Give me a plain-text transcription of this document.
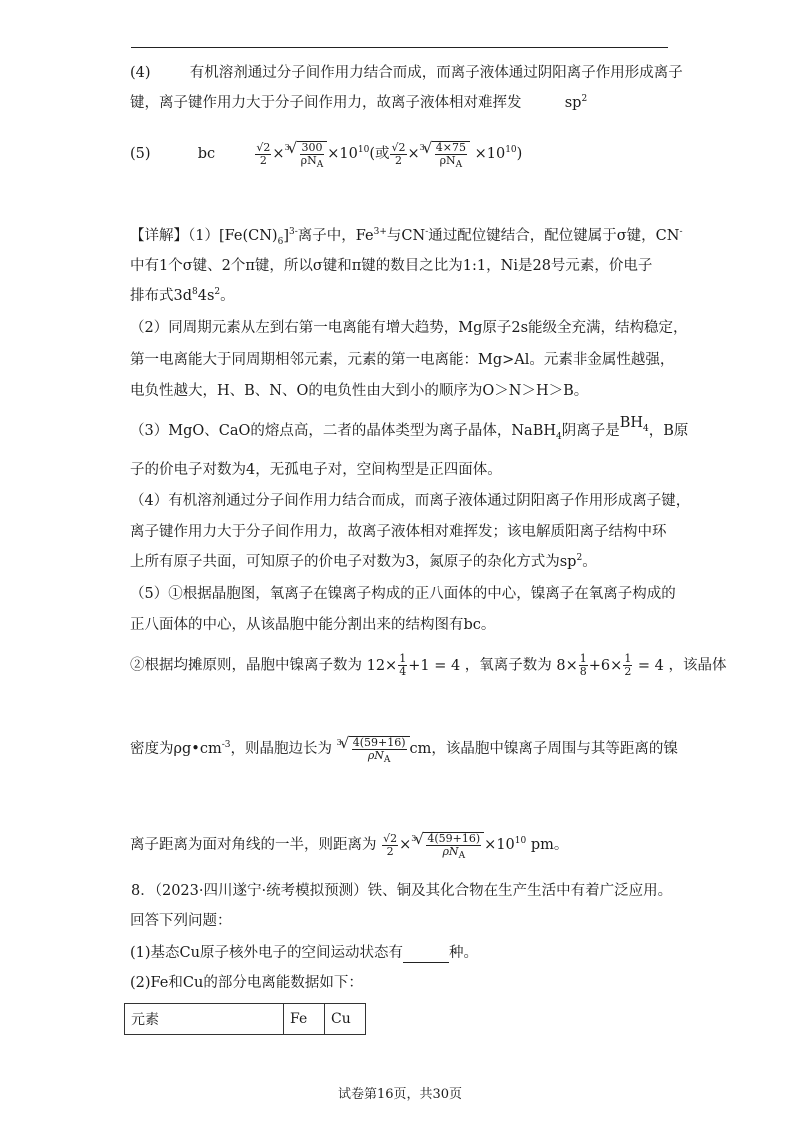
(4)	有机溶剂通过分子间作用力结合而成，而离子液体通过阴阳离子作用形成离子
键，离子键作用力大于分子间作用力，故离子液体相对难挥发	$sp^2$
(5)	bc	$\frac{√2}{2} \times^3$ √ $\frac{300}{\rho N_A} \times 10^{10}$(或 $\frac{√2}{2} \times^3$ √ $\frac{4\times 75}{\rho N_A} \times 10^{10}$)
【详解】$(1)[Fe(CN)_6]^{3-}$离子中，$Fe^{3+}$与CN-通过配位键结合，配位键属于σ键，CN-
中有1个σ键、2个π键，所以σ键和π键的数目之比为1:1，Ni是28号元素，价电子
排布式$3d^84s^2$。
（2）同周期元素从左到右第一电离能有增大趋势，Mg原子2s能级全充满，结构稳定，
第一电离能大于同周期相邻元素，元素的第一电离能：Mg>Al。元素非金属性越强，
电负性越大，H、B、N、O的电负性由大到小的顺序为O＞N＞H＞B。
（3）MgO、CaO的熔点高，二者的晶体类型为离子晶体，NaBH$_4$阴离子是$BH_4$，B原
子的价电子对数为4，无孤电子对，空间构型是正四面体。
（4）有机溶剂通过分子间作用力结合而成，而离子液体通过阴阳离子作用形成离子键，
离子键作用力大于分子间作用力，故离子液体相对难挥发；该电解质阳离子结构中环
上所有原子共面，可知原子的价电子对数为3，氮原子的杂化方式为$sp^2$。
（5）①根据晶胞图，氧离子在镍离子构成的正八面体的中心，镍离子在氧离子构成的
正八面体的中心，从该晶胞中能分割出来的结构图有bc。
②根据均摊原则，晶胞中镍离子数为 $12\times \frac{1}{4} +1 = 4$ ，氧离子数为 $8\times \frac{1}{8} +6\times \frac{1}{2} = 4$ ，该晶体
密度为$\rho g•cm^{-3}$，则晶胞边长为 $^3$ √ $\frac{4(59+16)}{\rho N_A}$ cm，该晶胞中镍离子周围与其等距离的镍
离子距离为面对角线的一半，则距离为 $\frac{√2}{2} \times^3$ √ $\frac{4(59+16)}{\rho N_A} \times 10^{10}$ pm。
8．（2023·四川遂宁·统考模拟预测）铁、铜及其化合物在生产生活中有着广泛应用。
回答下列问题：
(1)基态Cu原子核外电子的空间运动状态有	种。
(2)Fe和Cu的部分电离能数据如下：
元素	Fe	Cu
试卷第16页，共30页
